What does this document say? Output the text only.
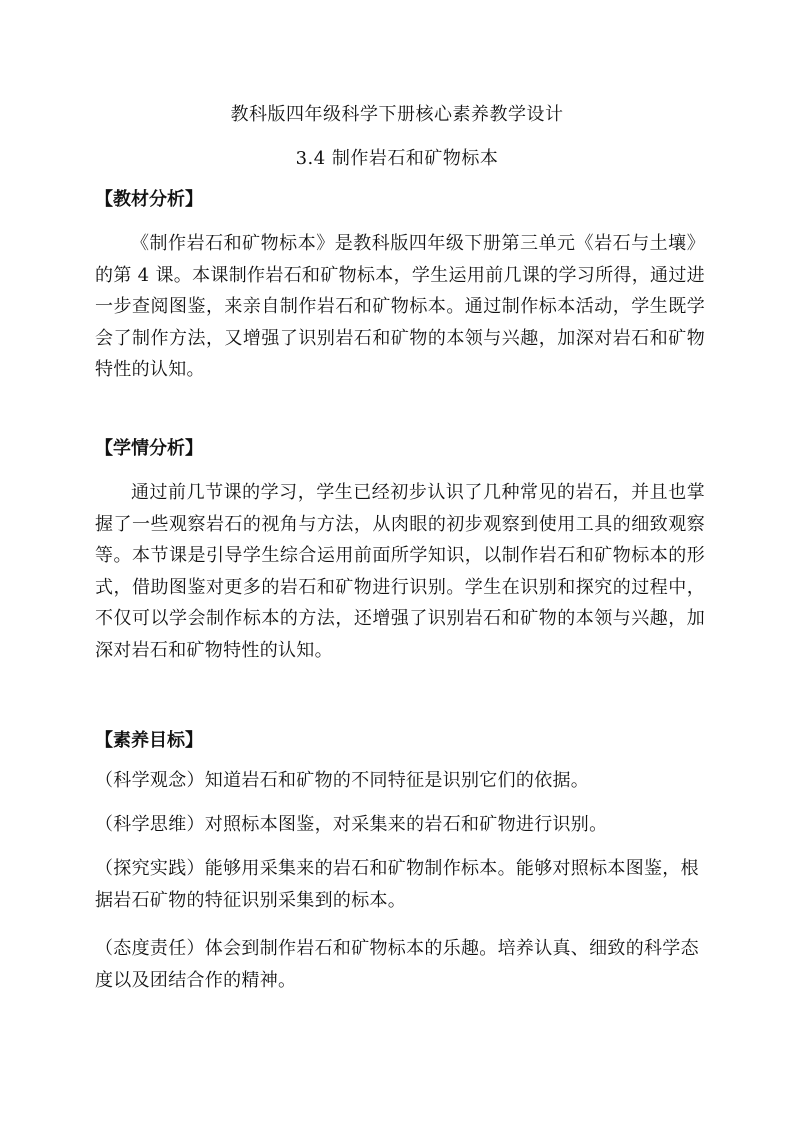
教科版四年级科学下册核心素养教学设计
3.4 制作岩石和矿物标本
【教材分析】
《制作岩石和矿物标本》是教科版四年级下册第三单元《岩石与土壤》的第 4 课。本课制作岩石和矿物标本，学生运用前几课的学习所得，通过进一步查阅图鉴，来亲自制作岩石和矿物标本。通过制作标本活动，学生既学会了制作方法，又增强了识别岩石和矿物的本领与兴趣，加深对岩石和矿物特性的认知。
【学情分析】
通过前几节课的学习，学生已经初步认识了几种常见的岩石，并且也掌握了一些观察岩石的视角与方法，从肉眼的初步观察到使用工具的细致观察等。本节课是引导学生综合运用前面所学知识，以制作岩石和矿物标本的形式，借助图鉴对更多的岩石和矿物进行识别。学生在识别和探究的过程中，不仅可以学会制作标本的方法，还增强了识别岩石和矿物的本领与兴趣，加深对岩石和矿物特性的认知。
【素养目标】
（科学观念）知道岩石和矿物的不同特征是识别它们的依据。
（科学思维）对照标本图鉴，对采集来的岩石和矿物进行识别。
（探究实践）能够用采集来的岩石和矿物制作标本。能够对照标本图鉴，根据岩石矿物的特征识别采集到的标本。
（态度责任）体会到制作岩石和矿物标本的乐趣。培养认真、细致的科学态度以及团结合作的精神。
